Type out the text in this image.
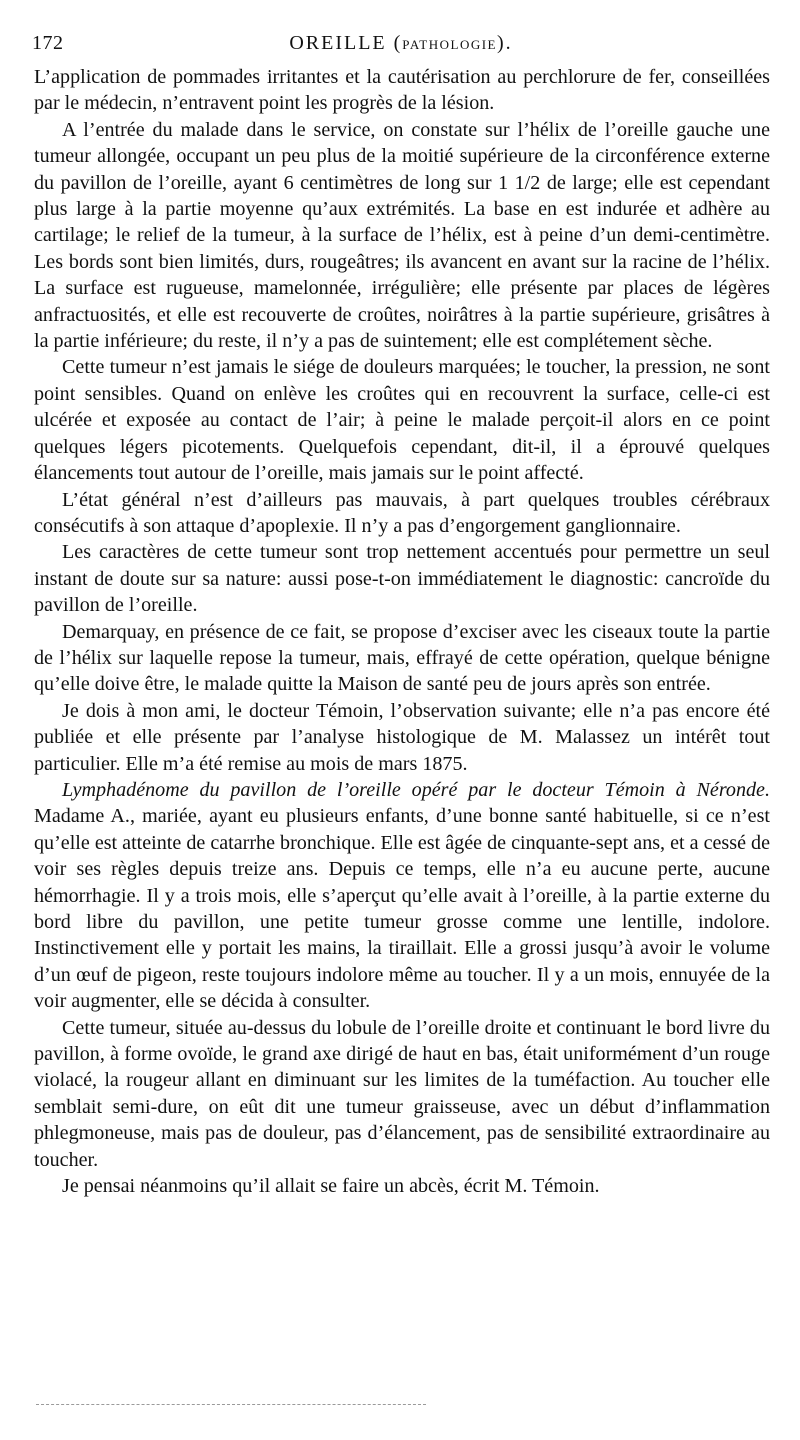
172	OREILLE (PATHOLOGIE).

L’application de pommades irritantes et la cautérisation au perchlorure de fer, conseillées par le médecin, n’entravent point les progrès de la lésion.

A l’entrée du malade dans le service, on constate sur l’hélix de l’oreille gauche une tumeur allongée, occupant un peu plus de la moitié supérieure de la circonférence externe du pavillon de l’oreille, ayant 6 centimètres de long sur 1 1/2 de large; elle est cependant plus large à la partie moyenne qu’aux extrémités. La base en est indurée et adhère au cartilage; le relief de la tumeur, à la surface de l’hélix, est à peine d’un demi-centimètre. Les bords sont bien limités, durs, rougeâtres; ils avancent en avant sur la racine de l’hélix. La surface est rugueuse, mamelonnée, irrégulière; elle présente par places de légères anfractuosités, et elle est recouverte de croûtes, noirâtres à la partie supérieure, grisâtres à la partie inférieure; du reste, il n’y a pas de suintement; elle est complétement sèche.

Cette tumeur n’est jamais le siége de douleurs marquées; le toucher, la pression, ne sont point sensibles. Quand on enlève les croûtes qui en recouvrent la surface, celle-ci est ulcérée et exposée au contact de l’air; à peine le malade perçoit-il alors en ce point quelques légers picotements. Quelquefois cependant, dit-il, il a éprouvé quelques élancements tout autour de l’oreille, mais jamais sur le point affecté.

L’état général n’est d’ailleurs pas mauvais, à part quelques troubles cérébraux consécutifs à son attaque d’apoplexie. Il n’y a pas d’engorgement ganglionnaire.

Les caractères de cette tumeur sont trop nettement accentués pour permettre un seul instant de doute sur sa nature: aussi pose-t-on immédiatement le diagnostic: cancroïde du pavillon de l’oreille.

Demarquay, en présence de ce fait, se propose d’exciser avec les ciseaux toute la partie de l’hélix sur laquelle repose la tumeur, mais, effrayé de cette opération, quelque bénigne qu’elle doive être, le malade quitte la Maison de santé peu de jours après son entrée.

Je dois à mon ami, le docteur Témoin, l’observation suivante; elle n’a pas encore été publiée et elle présente par l’analyse histologique de M. Malassez un intérêt tout particulier. Elle m’a été remise au mois de mars 1875.

Lymphadénome du pavillon de l’oreille opéré par le docteur Témoin à Néronde. Madame A., mariée, ayant eu plusieurs enfants, d’une bonne santé habituelle, si ce n’est qu’elle est atteinte de catarrhe bronchique. Elle est âgée de cinquante-sept ans, et a cessé de voir ses règles depuis treize ans. Depuis ce temps, elle n’a eu aucune perte, aucune hémorrhagie. Il y a trois mois, elle s’aperçut qu’elle avait à l’oreille, à la partie externe du bord libre du pavillon, une petite tumeur grosse comme une lentille, indolore. Instinctivement elle y portait les mains, la tiraillait. Elle a grossi jusqu’à avoir le volume d’un œuf de pigeon, reste toujours indolore même au toucher. Il y a un mois, ennuyée de la voir augmenter, elle se décida à consulter.

Cette tumeur, située au-dessus du lobule de l’oreille droite et continuant le bord livre du pavillon, à forme ovoïde, le grand axe dirigé de haut en bas, était uniformément d’un rouge violacé, la rougeur allant en diminuant sur les limites de la tuméfaction. Au toucher elle semblait semi-dure, on eût dit une tumeur graisseuse, avec un début d’inflammation phlegmoneuse, mais pas de douleur, pas d’élancement, pas de sensibilité extraordinaire au toucher.

Je pensai néanmoins qu’il allait se faire un abcès, écrit M. Témoin.
